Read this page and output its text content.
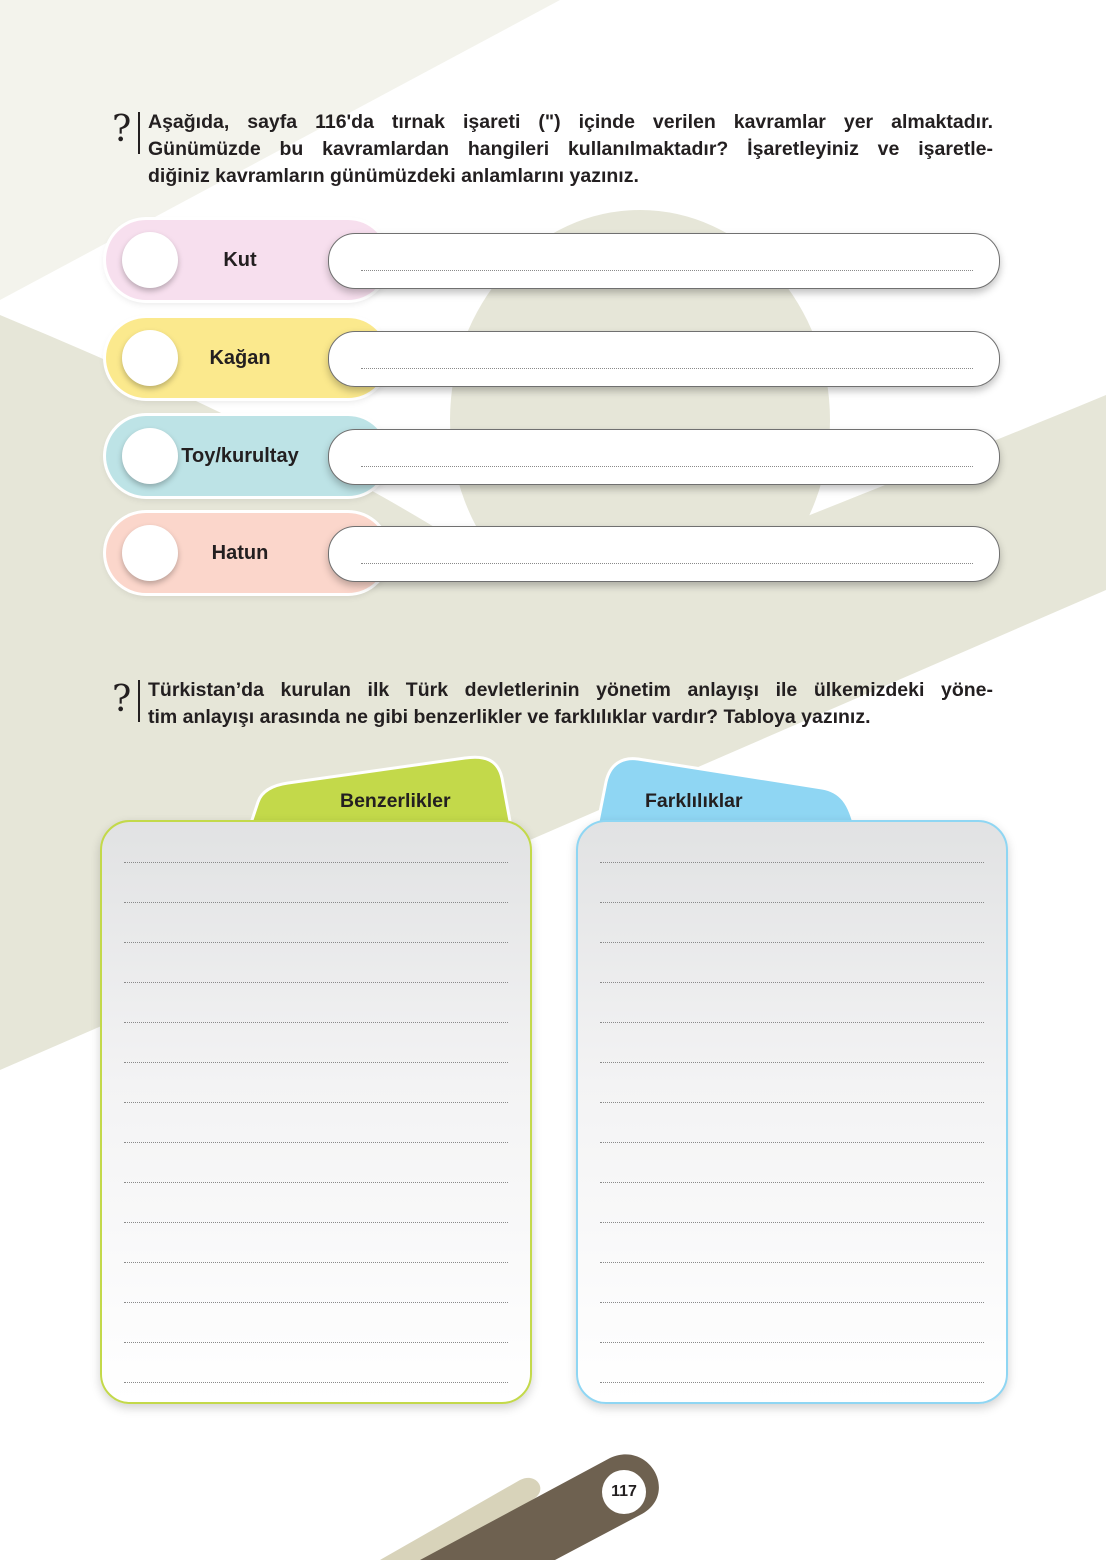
? Aşağıda, sayfa 116'da tırnak işareti (") içinde verilen kavramlar yer almaktadır.
Günümüzde bu kavramlardan hangileri kullanılmaktadır? İşaretleyiniz ve işaretle-
diğiniz kavramların günümüzdeki anlamlarını yazınız.
Kut
Kağan
Toy/kurultay
Hatun
? Türkistan’da kurulan ilk Türk devletlerinin yönetim anlayışı ile ülkemizdeki yöne-
tim anlayışı arasında ne gibi benzerlikler ve farklılıklar vardır? Tabloya yazınız.
Benzerlikler	Farklılıklar
117
